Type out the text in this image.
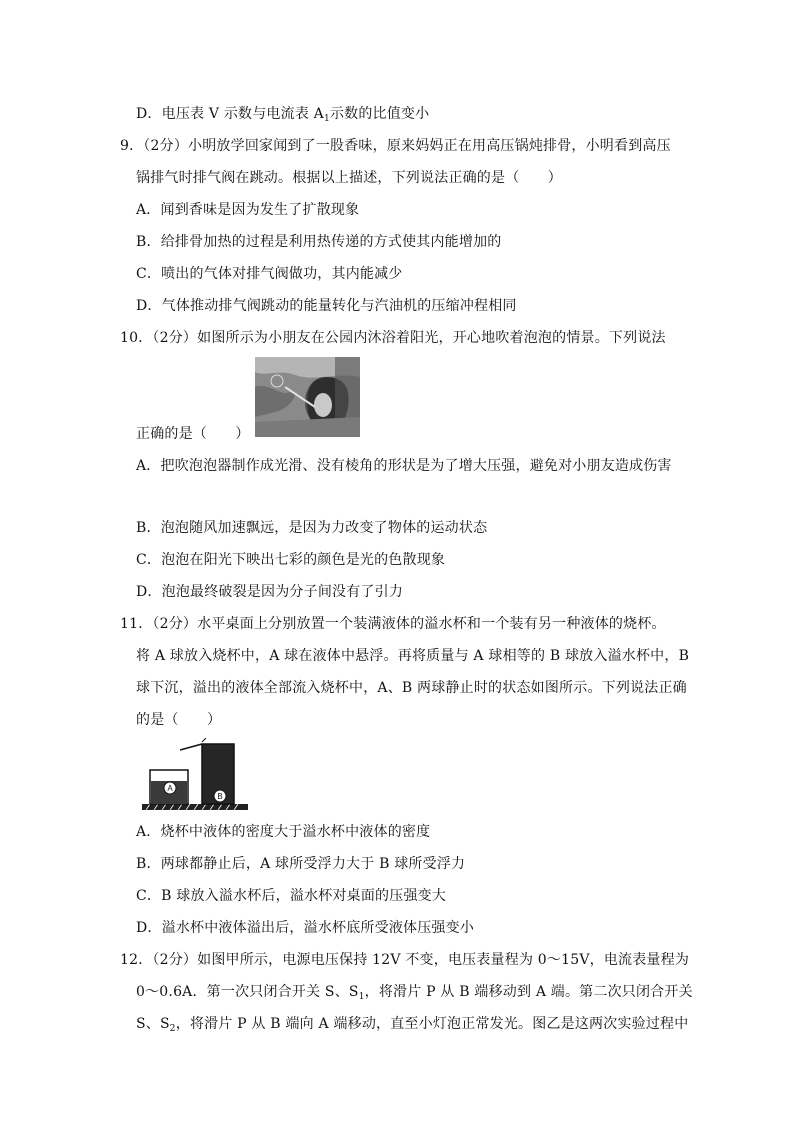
D．电压表 V 示数与电流表 $A_1$示数的比值变小
9．（2分）小明放学回家闻到了一股香味，原来妈妈正在用高压锅炖排骨，小明看到高压
锅排气时排气阀在跳动。根据以上描述，下列说法正确的是（　　）
A．闻到香味是因为发生了扩散现象
B．给排骨加热的过程是利用热传递的方式使其内能增加的
C．喷出的气体对排气阀做功，其内能减少
D．气体推动排气阀跳动的能量转化与汽油机的压缩冲程相同
10．（2分）如图所示为小朋友在公园内沐浴着阳光，开心地吹着泡泡的情景。下列说法
正确的是（　　）
A．把吹泡泡器制作成光滑、没有棱角的形状是为了增大压强，避免对小朋友造成伤害
B．泡泡随风加速飘远，是因为力改变了物体的运动状态
C．泡泡在阳光下映出七彩的颜色是光的色散现象
D．泡泡最终破裂是因为分子间没有了引力
11．（2分）水平桌面上分别放置一个装满液体的溢水杯和一个装有另一种液体的烧杯。
将 A 球放入烧杯中，A 球在液体中悬浮。再将质量与 A 球相等的 B 球放入溢水杯中，B
球下沉，溢出的液体全部流入烧杯中，A、B 两球静止时的状态如图所示。下列说法正确
的是（　　）
A
B
A．烧杯中液体的密度大于溢水杯中液体的密度
B．两球都静止后，A 球所受浮力大于 B 球所受浮力
C．B 球放入溢水杯后，溢水杯对桌面的压强变大
D．溢水杯中液体溢出后，溢水杯底所受液体压强变小
12．（2分）如图甲所示，电源电压保持 12V 不变，电压表量程为 0～15V，电流表量程为
0～0.6A．第一次只闭合开关 S、$S_1$，将滑片 P 从 B 端移动到 A 端。第二次只闭合开关
S、$S_2$，将滑片 P 从 B 端向 A 端移动，直至小灯泡正常发光。图乙是这两次实验过程中
